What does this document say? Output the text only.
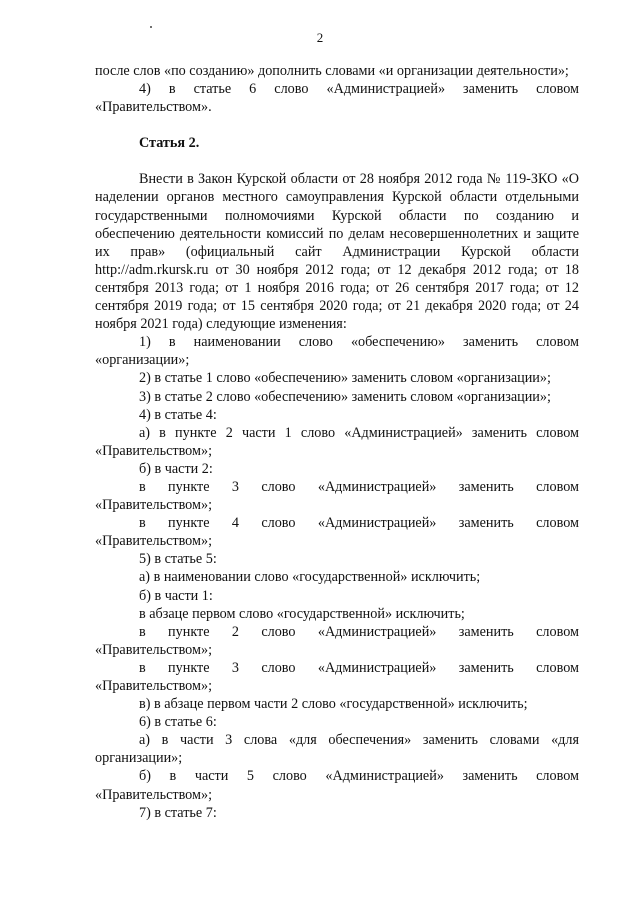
2

после слов «по созданию» дополнить словами «и организации деятельности»;

4) в статье 6 слово «Администрацией» заменить словом «Правительством».

Статья 2.

Внести в Закон Курской области от 28 ноября 2012 года № 119-ЗКО «О наделении органов местного самоуправления Курской области отдельными государственными полномочиями Курской области по созданию и обеспечению деятельности комиссий по делам несовершеннолетних и защите их прав» (официальный сайт Администрации Курской области http://adm.rkursk.ru от 30 ноября 2012 года; от 12 декабря 2012 года; от 18 сентября 2013 года; от 1 ноября 2016 года; от 26 сентября 2017 года; от 12 сентября 2019 года; от 15 сентября 2020 года; от 21 декабря 2020 года; от 24 ноября 2021 года) следующие изменения:

1) в наименовании слово «обеспечению» заменить словом «организации»;

2) в статье 1 слово «обеспечению» заменить словом «организации»;

3) в статье 2 слово «обеспечению» заменить словом «организации»;

4) в статье 4:

а) в пункте 2 части 1 слово «Администрацией» заменить словом «Правительством»;

б) в части 2:

в пункте 3 слово «Администрацией» заменить словом «Правительством»;

в пункте 4 слово «Администрацией» заменить словом «Правительством»;

5) в статье 5:

а) в наименовании слово «государственной» исключить;

б) в части 1:

в абзаце первом слово «государственной» исключить;

в пункте 2 слово «Администрацией» заменить словом «Правительством»;

в пункте 3 слово «Администрацией» заменить словом «Правительством»;

в) в абзаце первом части 2 слово «государственной» исключить;

6) в статье 6:

а) в части 3 слова «для обеспечения» заменить словами «для организации»;

б) в части 5 слово «Администрацией» заменить словом «Правительством»;

7) в статье 7:
